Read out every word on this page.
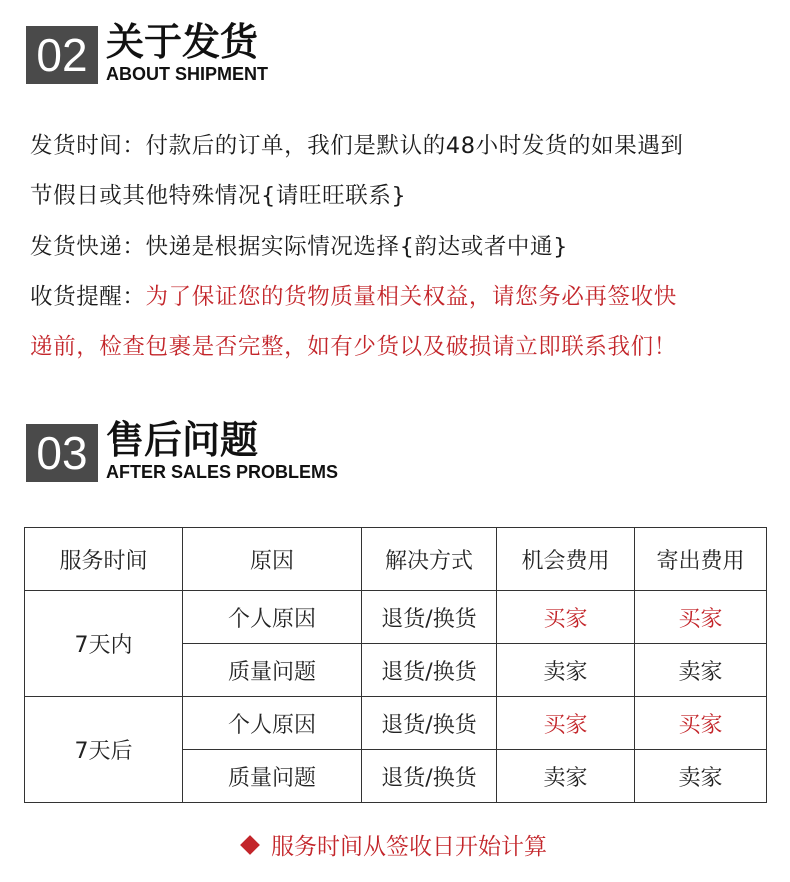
02 关于发货
ABOUT SHIPMENT
发货时间：付款后的订单，我们是默认的48小时发货的如果遇到
节假日或其他特殊情况{请旺旺联系}
发货快递：快递是根据实际情况选择{韵达或者中通}
收货提醒：为了保证您的货物质量相关权益，请您务必再签收快
递前，检查包裹是否完整，如有少货以及破损请立即联系我们！
03 售后问题
AFTER SALES PROBLEMS
服务时间	原因	解决方式	机会费用	寄出费用
7天内	个人原因	退货/换货	买家	买家
	质量问题	退货/换货	卖家	卖家
7天后	个人原因	退货/换货	买家	买家
	质量问题	退货/换货	卖家	卖家
服务时间从签收日开始计算
